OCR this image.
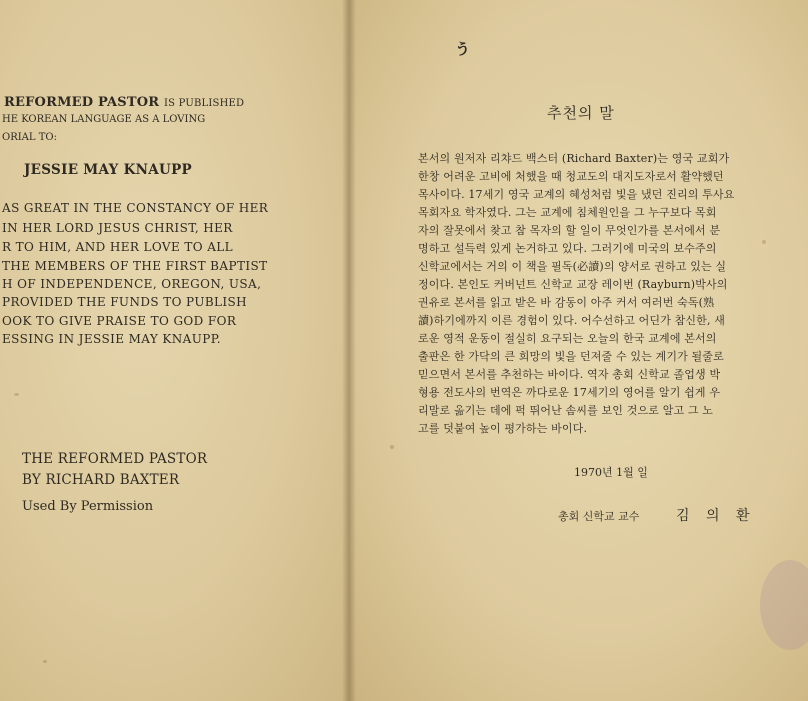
REFORMED PASTOR IS PUBLISHED
HE KOREAN LANGUAGE AS A LOVING
ORIAL TO:
JESSIE MAY KNAUPP
AS GREAT IN THE CONSTANCY OF HER
IN HER LORD JESUS CHRIST, HER
R TO HIM, AND HER LOVE TO ALL
THE MEMBERS OF THE FIRST BAPTIST
H OF INDEPENDENCE, OREGON, USA,
PROVIDED THE FUNDS TO PUBLISH
OOK TO GIVE PRAISE TO GOD FOR
ESSING IN JESSIE MAY KNAUPP.
THE REFORMED PASTOR
BY RICHARD BAXTER
Used By Permission
う
추천의 말
본서의 원저자 리챠드 백스터 (Richard Baxter)는 영국 교회가
한창 어려운 고비에 처했을 때 청교도의 대지도자로서 활약했던
목사이다. 17세기 영국 교계의 혜성처럼 빛을 냈던 진리의 투사요
목회자요 학자였다. 그는 교계에 침체원인을 그 누구보다 목회
자의 잘못에서 찾고 참 목자의 할 일이 무엇인가를 본서에서 분
명하고 설득력 있게 논거하고 있다. 그러기에 미국의 보수주의
신학교에서는 거의 이 책을 필독(必讀)의 양서로 권하고 있는 실
정이다. 본인도 커버넌트 신학교 교장 레이번 (Rayburn)박사의
권유로 본서를 읽고 받은 바 감동이 아주 커서 여러번 숙독(熟
讀)하기에까지 이른 경험이 있다. 어수선하고 어딘가 참신한, 새
로운 영적 운동이 절실히 요구되는 오늘의 한국 교계에 본서의
출판은 한 가닥의 큰 희망의 빛을 던져줄 수 있는 계기가 될줄로
믿으면서 본서를 추천하는 바이다. 역자 총회 신학교 졸업생 박
형용 전도사의 번역은 까다로운 17세기의 영어를 알기 쉽게 우
리말로 옮기는 데에 퍽 뛰어난 솜씨를 보인 것으로 알고 그 노
고를 덧붙여 높이 평가하는 바이다.
1970년 1월 일
총회 신학교 교수	김 의 환
